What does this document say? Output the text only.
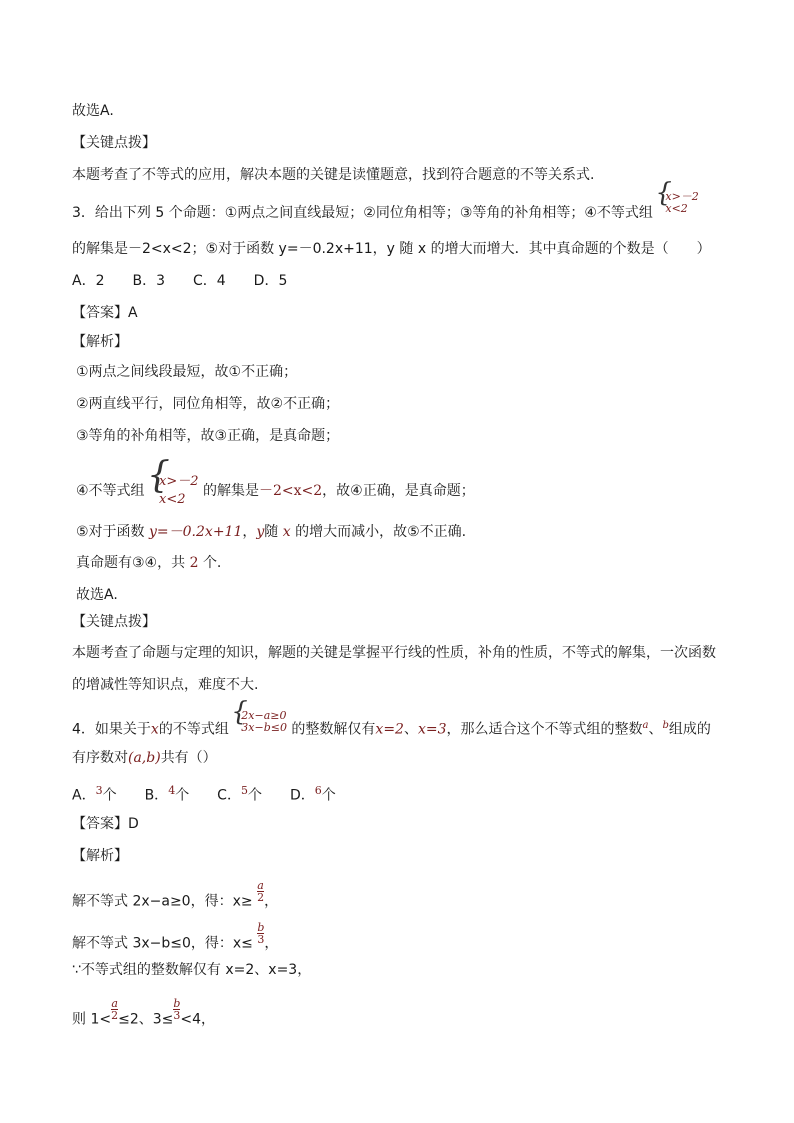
故选A.
【关键点拨】
本题考查了不等式的应用，解决本题的关键是读懂题意，找到符合题意的不等关系式.
3．给出下列 5 个命题：①两点之间直线最短；②同位角相等；③等角的补角相等；④不等式组
{ x>－2
x<2
的解集是－2<x<2；⑤对于函数 y=－0.2x+11，y 随 x 的增大而增大．其中真命题的个数是（　　）
A．2　　B．3　　C．4　　D．5
【答案】A
【解析】
①两点之间线段最短，故①不正确；
②两直线平行，同位角相等，故②不正确；
③等角的补角相等，故③正确，是真命题；
④不等式组
{ x>－2
x<2
的解集是－2<x<2，故④正确，是真命题；
⑤对于函数 y=－0.2x+11，y随 x 的增大而减小，故⑤不正确.
真命题有③④，共 2 个.
故选A.
【关键点拨】
本题考查了命题与定理的知识，解题的关键是掌握平行线的性质，补角的性质，不等式的解集，一次函数
的增减性等知识点，难度不大.
4．如果关于x的不等式组
{ 2x−a≥0
3x−b≤0 的整数解仅有x=2、x=3，那么适合这个不等式组的整数$^a$、$^b$组成的
有序数对(a,b)共有（）
A．$^3$个　　B．$^4$个　　C．$^5$个　　D．$^6$个
【答案】D
【解析】
解不等式 2x−a≥0，得：$x\ge \frac{a}{2}$ ，
解不等式 3x−b≤0，得：$x\le \frac{b}{3}$ ，
∵不等式组的整数解仅有 x=2、x=3，
则 $1< \frac{a}{2} \le 2$、$3\le \frac{b}{3} <4$，
